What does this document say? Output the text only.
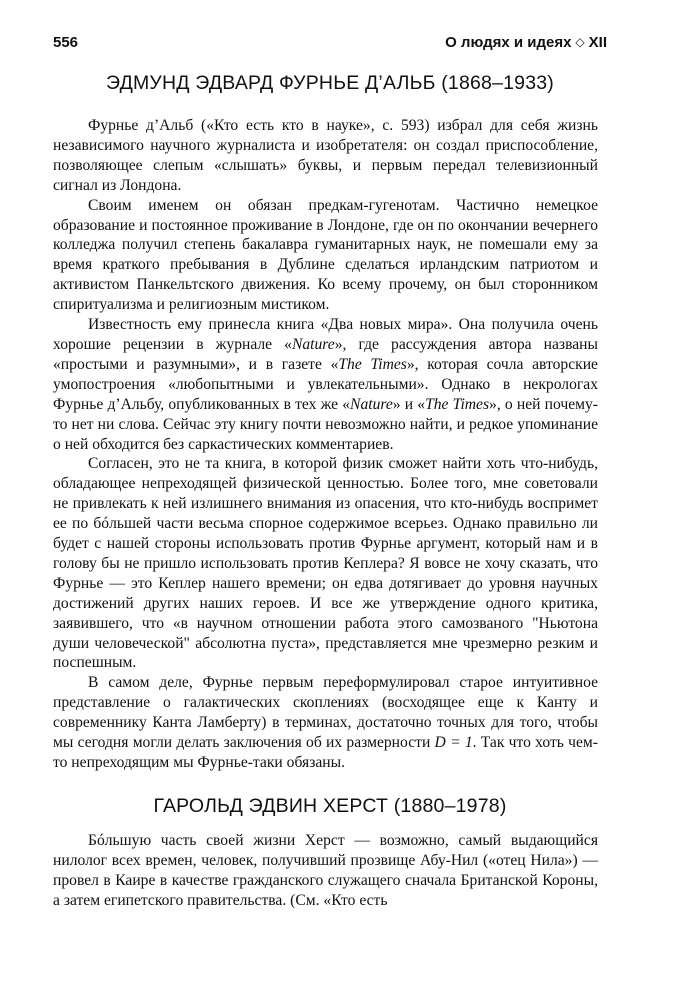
556	О людях и идеях ◇ XII
ЭДМУНД ЭДВАРД ФУРНЬЕ Д’АЛЬБ (1868–1933)

Фурнье д’Альб («Кто есть кто в науке», с. 593) избрал для себя жизнь независимого научного журналиста и изобретателя: он создал приспособление, позволяющее слепым «слышать» буквы, и первым передал телевизионный сигнал из Лондона.

Своим именем он обязан предкам-гугенотам. Частично немецкое образование и постоянное проживание в Лондоне, где он по окончании вечернего колледжа получил степень бакалавра гуманитарных наук, не помешали ему за время краткого пребывания в Дублине сделаться ирландским патриотом и активистом Панкельтского движения. Ко всему прочему, он был сторонником спиритуализма и религиозным мистиком.

Известность ему принесла книга «Два новых мира». Она получила очень хорошие рецензии в журнале «Nature», где рассуждения автора названы «простыми и разумными», и в газете «The Times», которая сочла авторские умопостроения «любопытными и увлекательными». Однако в некрологах Фурнье д’Альбу, опубликованных в тех же «Nature» и «The Times», о ней почему-то нет ни слова. Сейчас эту книгу почти невозможно найти, и редкое упоминание о ней обходится без саркастических комментариев.

Согласен, это не та книга, в которой физик сможет найти хоть что-нибудь, обладающее непреходящей физической ценностью. Более того, мне советовали не привлекать к ней излишнего внимания из опасения, что кто-нибудь воспримет ее по бóльшей части весьма спорное содержимое всерьез. Однако правильно ли будет с нашей стороны использовать против Фурнье аргумент, который нам и в голову бы не пришло использовать против Кеплера? Я вовсе не хочу сказать, что Фурнье — это Кеплер нашего времени; он едва дотягивает до уровня научных достижений других наших героев. И все же утверждение одного критика, заявившего, что «в научном отношении работа этого самозваного "Ньютона души человеческой" абсолютна пуста», представляется мне чрезмерно резким и поспешным.

В самом деле, Фурнье первым переформулировал старое интуитивное представление о галактических скоплениях (восходящее еще к Канту и современнику Канта Ламберту) в терминах, достаточно точных для того, чтобы мы сегодня могли делать заключения об их размерности D = 1. Так что хоть чем-то непреходящим мы Фурнье-таки обязаны.

ГАРОЛЬД ЭДВИН ХЕРСТ (1880–1978)

Бóльшую часть своей жизни Херст — возможно, самый выдающийся нилолог всех времен, человек, получивший прозвище Абу-Нил («отец Нила») — провел в Каире в качестве гражданского служащего сначала Британской Короны, а затем египетского правительства. (См. «Кто есть
